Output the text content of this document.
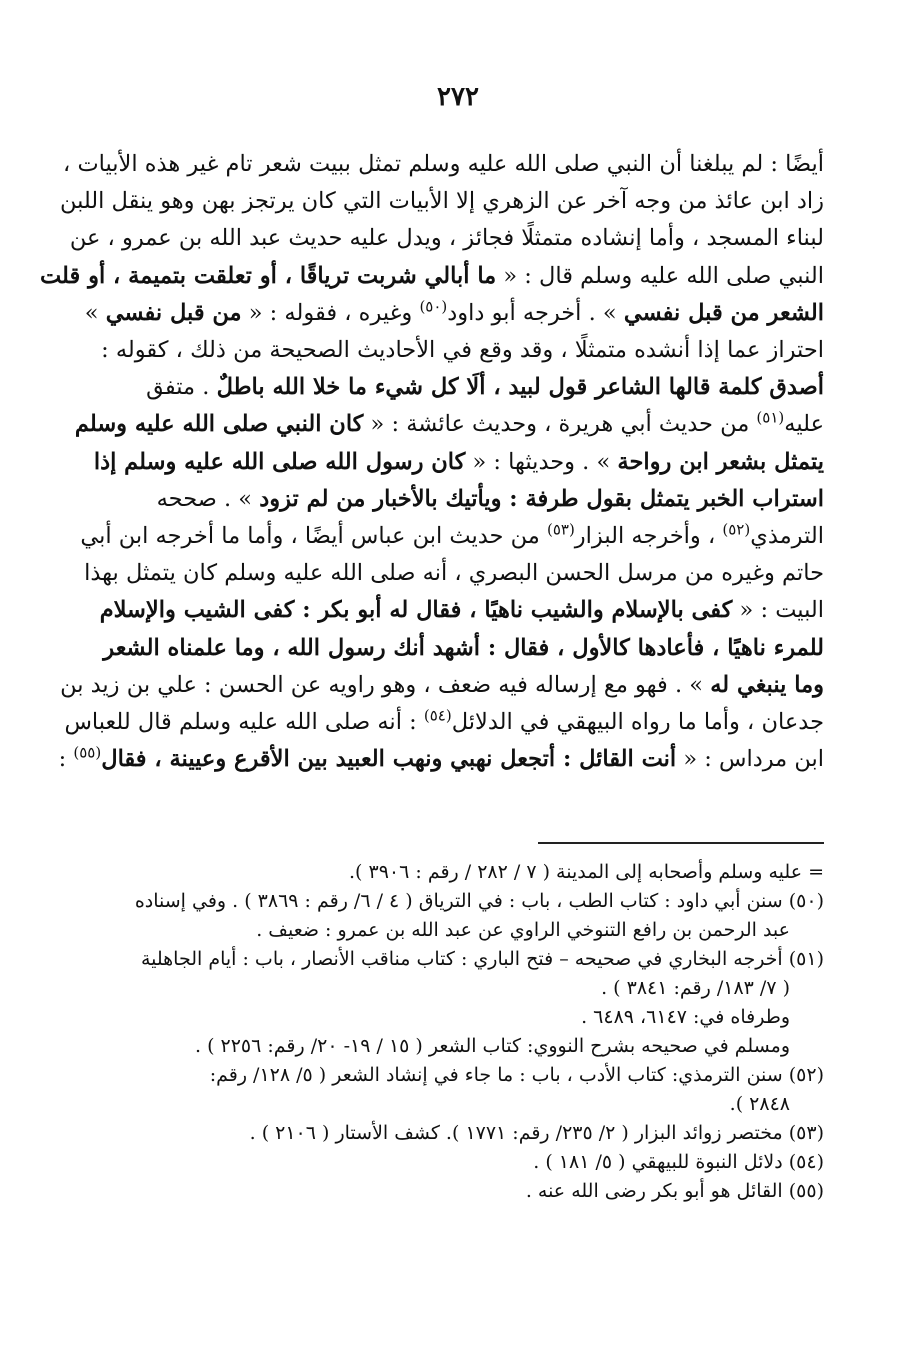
٢٧٢
أيضًا : لم يبلغنا أن النبي صلى الله عليه وسلم تمثل ببيت شعر تام غير هذه الأبيات ،
زاد ابن عائذ من وجه آخر عن الزهري إلا الأبيات التي كان يرتجز بهن وهو ينقل اللبن
لبناء المسجد ، وأما إنشاده متمثلًا فجائز ، ويدل عليه حديث عبد الله بن عمرو ، عن
النبي صلى الله عليه وسلم قال : « ما أبالي شربت ترياقًا ، أو تعلقت بتميمة ، أو قلت
الشعر من قبل نفسي » . أخرجه أبو داود$^{(٥٠)}$ وغيره ، فقوله : « من قبل نفسي »
احتراز عما إذا أنشده متمثلًا ، وقد وقع في الأحاديث الصحيحة من ذلك ، كقوله :
أصدق كلمة قالها الشاعر قول لبيد ، ألَا كل شيء ما خلا الله باطلٌ . متفق
عليه$^{(٥١)}$ من حديث أبي هريرة ، وحديث عائشة : « كان النبي صلى الله عليه وسلم
يتمثل بشعر ابن رواحة » . وحديثها : « كان رسول الله صلى الله عليه وسلم إذا
استراب الخبر يتمثل بقول طرفة : ويأتيك بالأخبار من لم تزود » . صححه
الترمذي$^{(٥٢)}$ ، وأخرجه البزار$^{(٥٣)}$ من حديث ابن عباس أيضًا ، وأما ما أخرجه ابن أبي
حاتم وغيره من مرسل الحسن البصري ، أنه صلى الله عليه وسلم كان يتمثل بهذا
البيت : « كفى بالإسلام والشيب ناهيًا ، فقال له أبو بكر : كفى الشيب والإسلام
للمرء ناهيًا ، فأعادها كالأول ، فقال : أشهد أنك رسول الله ، وما علمناه الشعر
وما ينبغي له » . فهو مع إرساله فيه ضعف ، وهو راويه عن الحسن : علي بن زيد بن
جدعان ، وأما ما رواه البيهقي في الدلائل$^{(٥٤)}$ : أنه صلى الله عليه وسلم قال للعباس
ابن مرداس : « أنت القائل : أتجعل نهبي ونهب العبيد بين الأقرع وعيينة ، فقال$^{(٥٥)}$ :
= عليه وسلم وأصحابه إلى المدينة ( ٧ / ٢٨٢ / رقم : ٣٩٠٦ ).
(٥٠) سنن أبي داود : كتاب الطب ، باب : في الترياق ( ٤ / ٦/ رقم : ٣٨٦٩ ) . وفي إسناده
عبد الرحمن بن رافع التنوخي الراوي عن عبد الله بن عمرو : ضعيف .
(٥١) أخرجه البخاري في صحيحه – فتح الباري : كتاب مناقب الأنصار ، باب : أيام الجاهلية
( ٧/ ١٨٣/ رقم: ٣٨٤١ ) .
وطرفاه في: ٦١٤٧، ٦٤٨٩ .
ومسلم في صحيحه بشرح النووي: كتاب الشعر ( ١٥ / ١٩- ٢٠/ رقم: ٢٢٥٦ ) .
(٥٢) سنن الترمذي: كتاب الأدب ، باب : ما جاء في إنشاد الشعر ( ٥/ ١٢٨/ رقم:
٢٨٤٨ ).
(٥٣) مختصر زوائد البزار ( ٢/ ٢٣٥/ رقم: ١٧٧١ ). كشف الأستار ( ٢١٠٦ ) .
(٥٤) دلائل النبوة للبيهقي ( ٥/ ١٨١ ) .
(٥٥) القائل هو أبو بكر رضى الله عنه .
